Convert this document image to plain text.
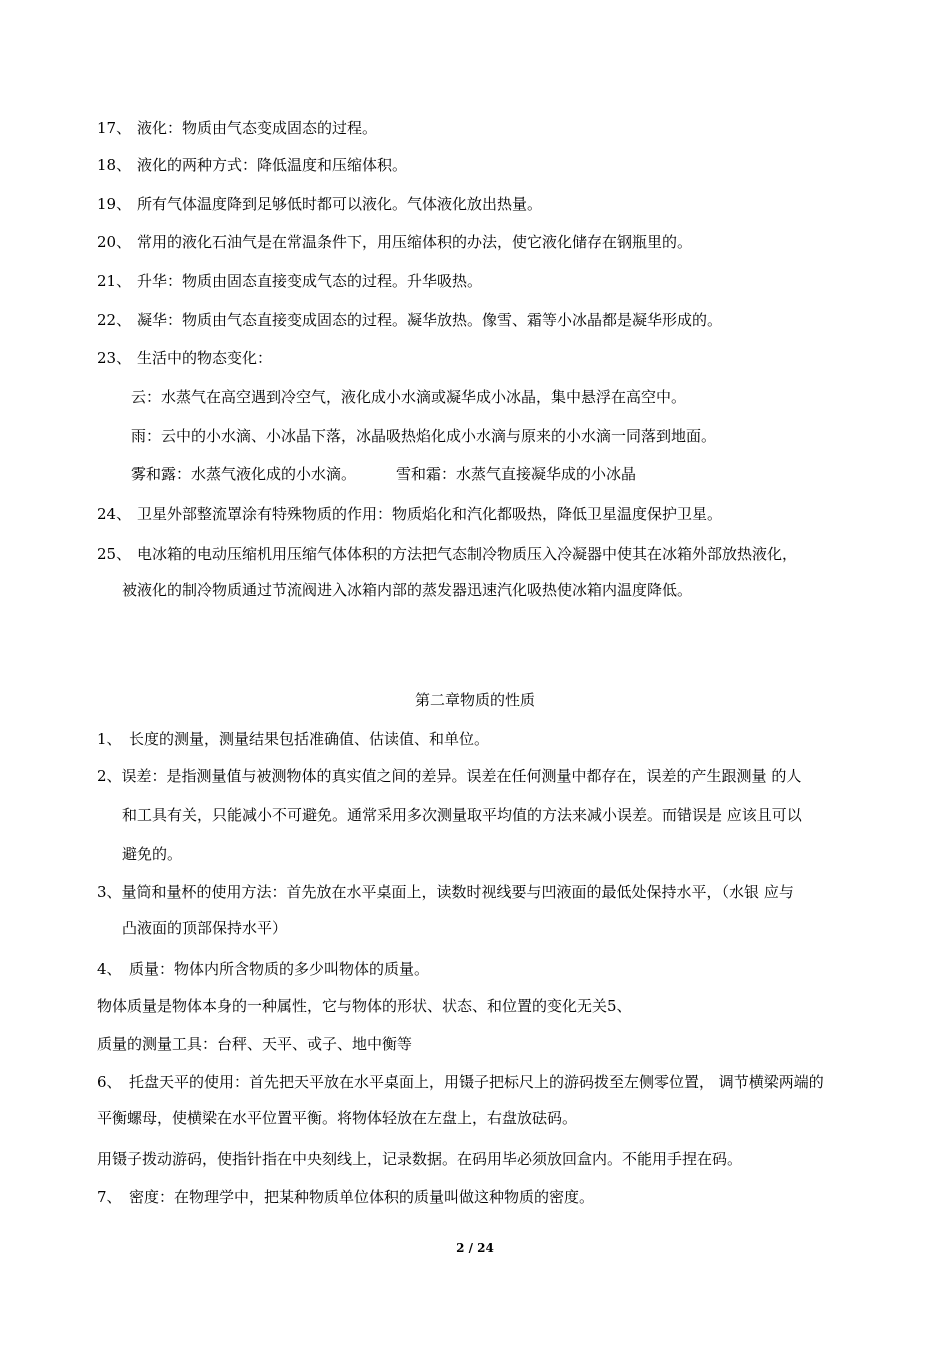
17、 液化：物质由气态变成固态的过程。
18、 液化的两种方式：降低温度和压缩体积。
19、 所有气体温度降到足够低时都可以液化。气体液化放出热量。
20、 常用的液化石油气是在常温条件下，用压缩体积的办法，使它液化储存在钢瓶里的。
21、 升华：物质由固态直接变成气态的过程。升华吸热。
22、 凝华：物质由气态直接变成固态的过程。凝华放热。像雪、霜等小冰晶都是凝华形成的。
23、 生活中的物态变化：
云：水蒸气在高空遇到冷空气，液化成小水滴或凝华成小冰晶，集中悬浮在高空中。
雨：云中的小水滴、小冰晶下落，冰晶吸热焰化成小水滴与原来的小水滴一同落到地面。
雾和露：水蒸气液化成的小水滴。	雪和霜：水蒸气直接凝华成的小冰晶
24、 卫星外部整流罩涂有特殊物质的作用：物质焰化和汽化都吸热，降低卫星温度保护卫星。
25、 电冰箱的电动压缩机用压缩气体体积的方法把气态制冷物质压入冷凝器中使其在冰箱外部放热液化，
被液化的制冷物质通过节流阀进入冰箱内部的蒸发器迅速汽化吸热使冰箱内温度降低。
第二章物质的性质
1、 长度的测量，测量结果包括准确值、估读值、和单位。
2、误差：是指测量值与被测物体的真实值之间的差异。误差在任何测量中都存在，误差的产生跟测量 的人
和工具有关，只能减小不可避免。通常采用多次测量取平均值的方法来减小误差。而错误是 应该且可以
避免的。
3、量筒和量杯的使用方法：首先放在水平桌面上，读数时视线要与凹液面的最低处保持水平，（水银 应与
凸液面的顶部保持水平）
4、 质量：物体内所含物质的多少叫物体的质量。
物体质量是物体本身的一种属性，它与物体的形状、状态、和位置的变化无关5、
质量的测量工具：台秤、天平、戓子、地中衡等
6、 托盘天平的使用：首先把天平放在水平桌面上，用镊子把标尺上的游码拨至左侧零位置， 调节横梁两端的
平衡螺母，使横梁在水平位置平衡。将物体轻放在左盘上，右盘放砝码。
用镊子拨动游码，使指针指在中央刻线上，记录数据。在码用毕必须放回盒内。不能用手捏在码。
7、 密度：在物理学中，把某种物质单位体积的质量叫做这种物质的密度。
2 / 24
